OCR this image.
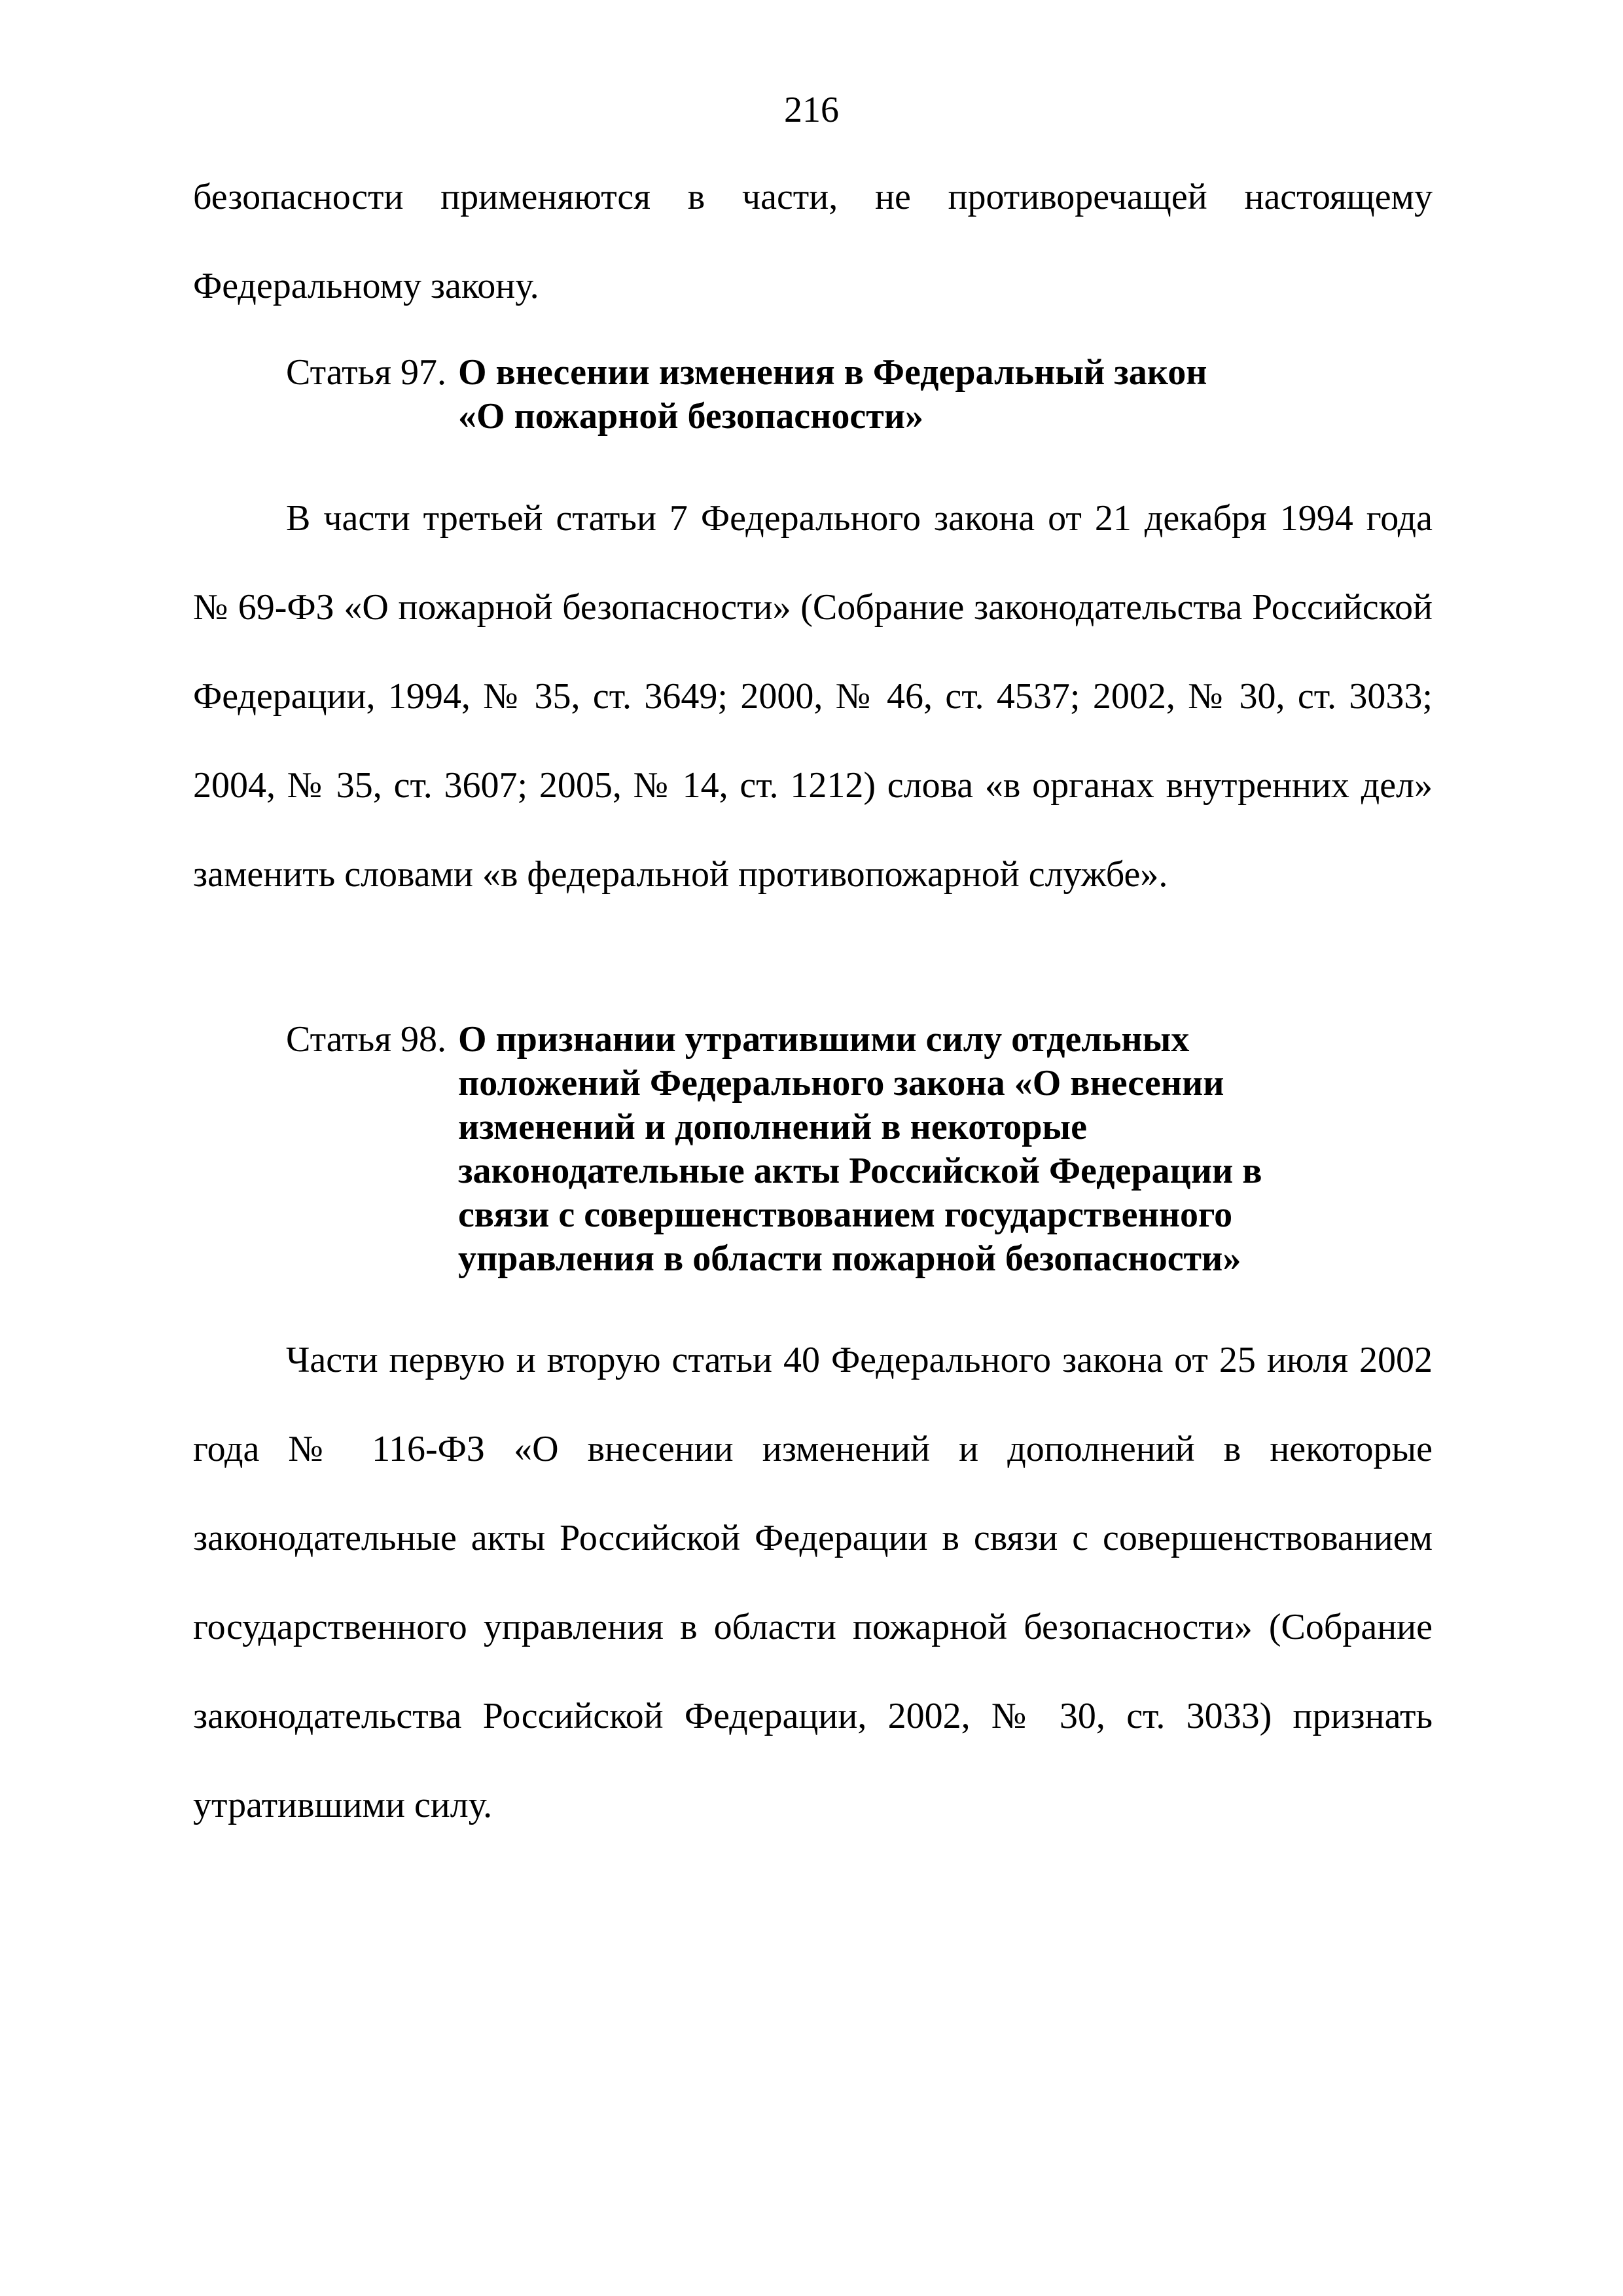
216

безопасности применяются в части, не противоречащей настоящему Федеральному закону.

Статья 97. О внесении изменения в Федеральный закон «О пожарной безопасности»

В части третьей статьи 7 Федерального закона от 21 декабря 1994 года № 69-ФЗ «О пожарной безопасности» (Собрание законодательства Российской Федерации, 1994, № 35, ст. 3649; 2000, № 46, ст. 4537; 2002, № 30, ст. 3033; 2004, № 35, ст. 3607; 2005, № 14, ст. 1212) слова «в органах внутренних дел» заменить словами «в федеральной противопожарной службе».

Статья 98. О признании утратившими силу отдельных положений Федерального закона «О внесении изменений и дополнений в некоторые законодательные акты Российской Федерации в связи с совершенствованием государственного управления в области пожарной безопасности»

Части первую и вторую статьи 40 Федерального закона от 25 июля 2002 года № 116-ФЗ «О внесении изменений и дополнений в некоторые законодательные акты Российской Федерации в связи с совершенствованием государственного управления в области пожарной безопасности» (Собрание законодательства Российской Федерации, 2002, № 30, ст. 3033) признать утратившими силу.
